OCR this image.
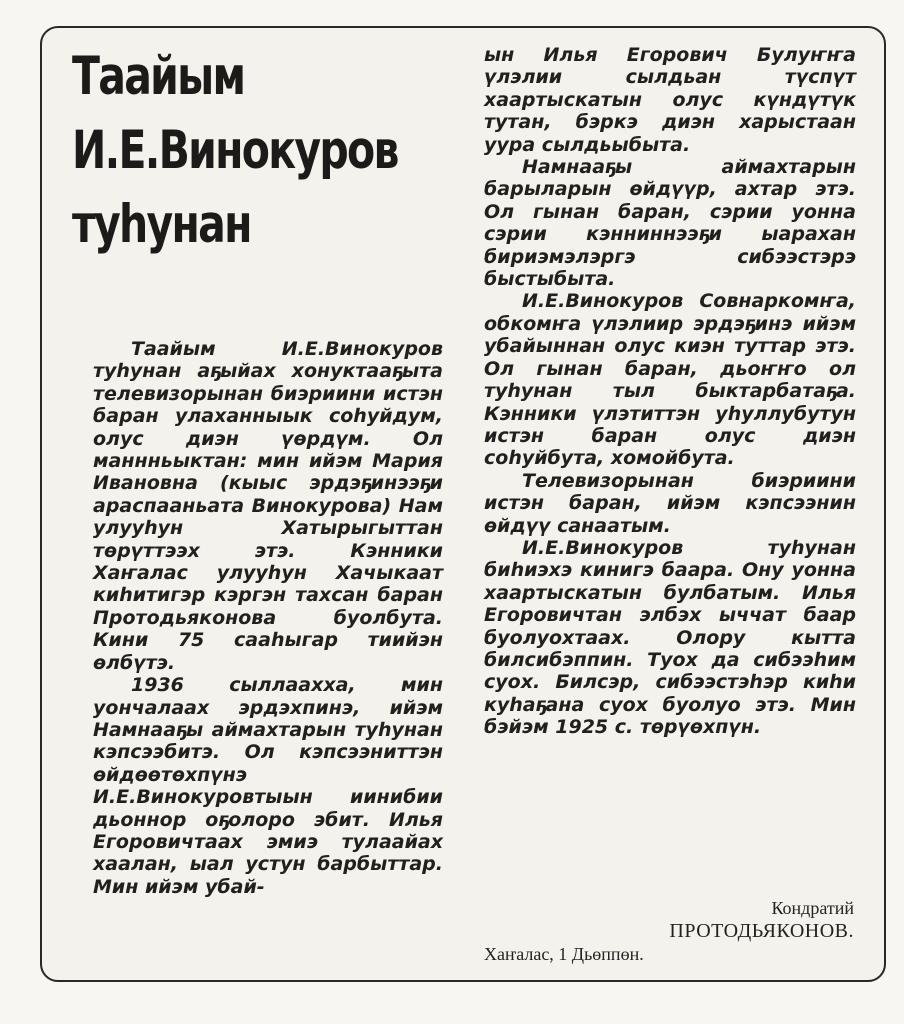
Таайым
И.Е.Винокуров
туһунан

Таайым И.Е.Винокуров туһунан аҕыйах хонуктааҕыта телевизорынан биэриини истэн баран улаханныык соһуйдум, олус диэн үөрдүм. Ол маннньыктан: мин ийэм Мария Ивановна (кыыс эрдэҕинээҕи араспааньата Винокурова) Нам улууһун Хатырыгыттан төрүттээх этэ. Кэнники Хаҥалас улууһун Хачыкаат киһитигэр кэргэн тахсан баран Протодьяконова буолбута. Кини 75 сааһыгар тиийэн өлбүтэ.

1936 сыллаахха, мин уончалаах эрдэхпинэ, ийэм Намнааҕы аймахтарын туһунан кэпсээбитэ. Ол кэпсээниттэн өйдөөтөхпүнэ И.Е.Винокуровтыын иинибии дьоннор оҕолоро эбит. Илья Егоровичтаах эмиэ тулаайах хаалан, ыал устун барбыттар. Мин ийэм убай-

ын Илья Егорович Булуҥҥа үлэлии сылдьан түспүт хаартыскатын олус күндүтүк тутан, бэркэ диэн харыстаан уура сылдьыбыта.

Намнааҕы аймахтарын барыларын өйдүүр, ахтар этэ. Ол гынан баран, сэрии уонна сэрии кэнниннээҕи ыарахан бириэмэлэргэ сибээстэрэ быстыбыта.

И.Е.Винокуров Совнаркомҥа, обкомҥа үлэлиир эрдэҕинэ ийэм убайыннан олус киэн туттар этэ. Ол гынан баран, дьоҥҥо ол туһунан тыл быктарбатаҕа. Кэнники үлэтиттэн уһуллубутун истэн баран олус диэн соһуйбута, хомойбута.

Телевизорынан биэриини истэн баран, ийэм кэпсээнин өйдүү санаатым.

И.Е.Винокуров туһунан биһиэхэ кинигэ баара. Ону уонна хаартыскатын булбатым. Илья Егоровичтан элбэх ыччат баар буолуохтаах. Олору кытта билсибэппин. Туох да сибээһим суох. Билсэр, сибээстэһэр киһи куһаҕана суох буолуо этэ. Мин бэйэм 1925 с. төрүөхпүн.

Кондратий
ПРОТОДЬЯКОНОВ.
Хаҥалас, 1 Дьөппөн.
